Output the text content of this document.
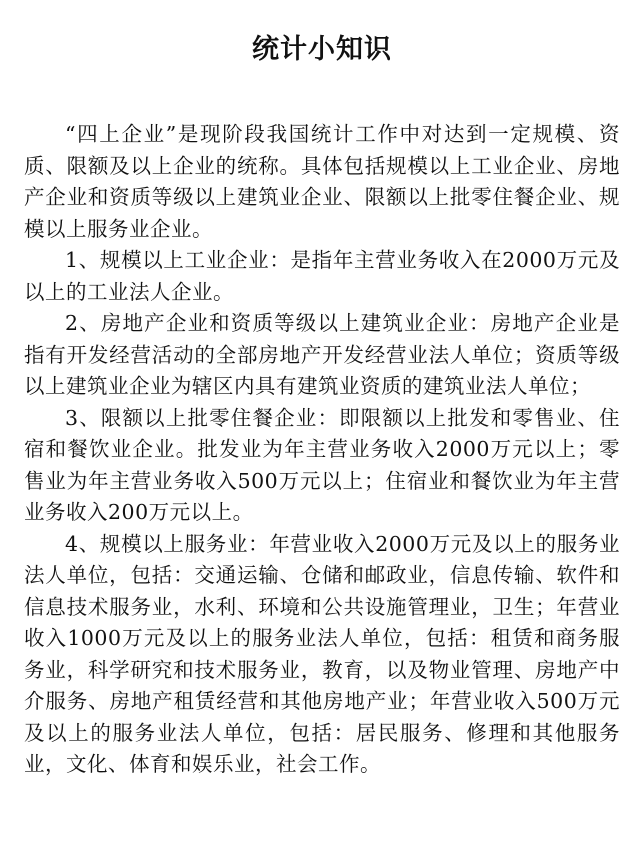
统计小知识

“四上企业”是现阶段我国统计工作中对达到一定规模、资质、限额及以上企业的统称。具体包括规模以上工业企业、房地产企业和资质等级以上建筑业企业、限额以上批零住餐企业、规模以上服务业企业。

1、规模以上工业企业：是指年主营业务收入在2000万元及以上的工业法人企业。

2、房地产企业和资质等级以上建筑业企业：房地产企业是指有开发经营活动的全部房地产开发经营业法人单位；资质等级以上建筑业企业为辖区内具有建筑业资质的建筑业法人单位；

3、限额以上批零住餐企业：即限额以上批发和零售业、住宿和餐饮业企业。批发业为年主营业务收入2000万元以上；零售业为年主营业务收入500万元以上；住宿业和餐饮业为年主营业务收入200万元以上。

4、规模以上服务业：年营业收入2000万元及以上的服务业法人单位，包括：交通运输、仓储和邮政业，信息传输、软件和信息技术服务业，水利、环境和公共设施管理业，卫生；年营业收入1000万元及以上的服务业法人单位，包括：租赁和商务服务业，科学研究和技术服务业，教育，以及物业管理、房地产中介服务、房地产租赁经营和其他房地产业；年营业收入500万元及以上的服务业法人单位，包括：居民服务、修理和其他服务业，文化、体育和娱乐业，社会工作。
